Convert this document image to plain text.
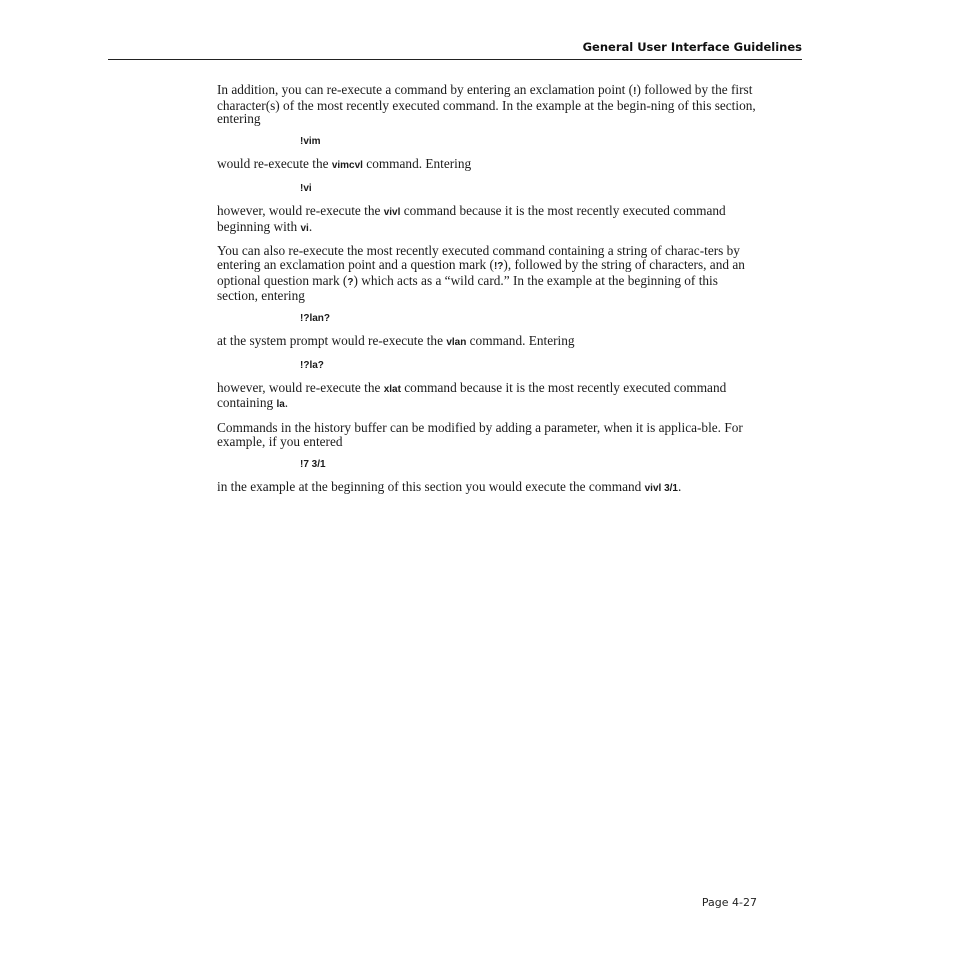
General User Interface Guidelines

In addition, you can re-execute a command by entering an exclamation point (!) followed by the first character(s) of the most recently executed command. In the example at the begin-ning of this section, entering

!vim

would re-execute the vimcvl command. Entering

!vi

however, would re-execute the vivl command because it is the most recently executed command beginning with vi.

You can also re-execute the most recently executed command containing a string of charac-ters by entering an exclamation point and a question mark (!?), followed by the string of characters, and an optional question mark (?) which acts as a “wild card.” In the example at the beginning of this section, entering

!?lan?

at the system prompt would re-execute the vlan command. Entering

!?la?

however, would re-execute the xlat command because it is the most recently executed command containing la.

Commands in the history buffer can be modified by adding a parameter, when it is applica-ble. For example, if you entered

!7 3/1

in the example at the beginning of this section you would execute the command vivl 3/1.

Page 4-27
